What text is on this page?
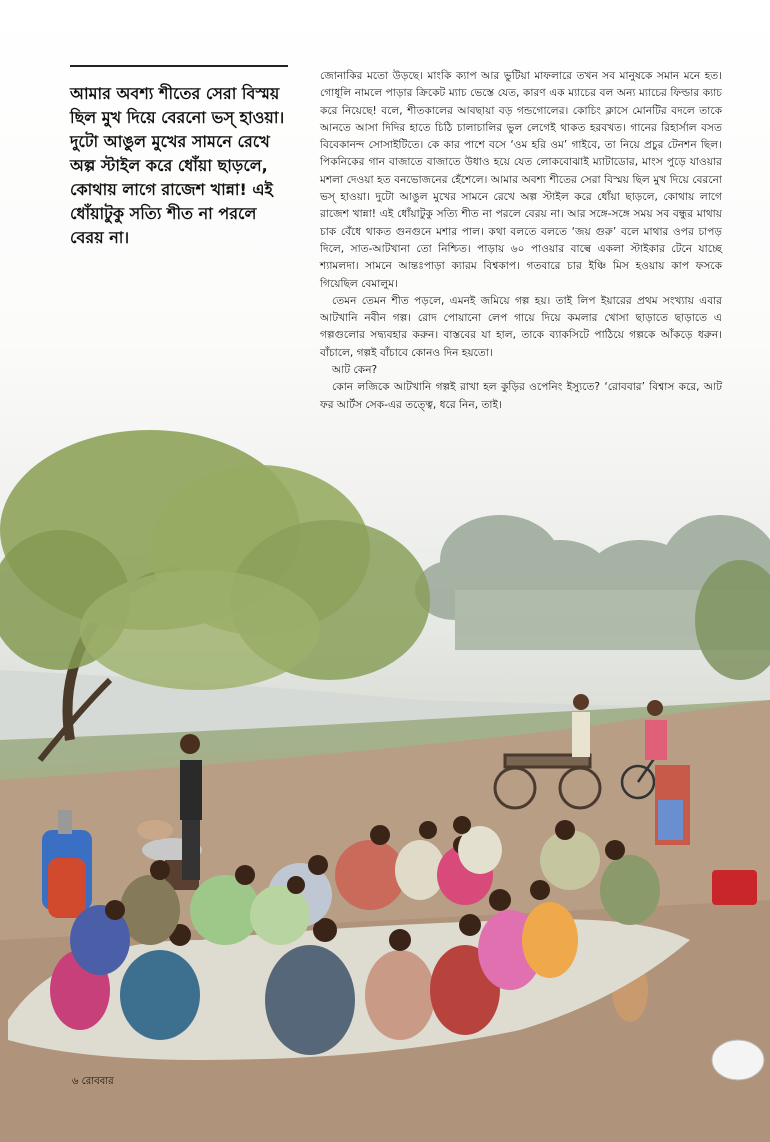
আমার অবশ্য শীতের সেরা বিস্ময় ছিল মুখ দিয়ে বেরনো ভস্‌ হাওয়া। দুটো আঙুল মুখের সামনে রেখে অল্প স্টাইল করে ধোঁয়া ছাড়লে, কোথায় লাগে রাজেশ খান্না! এই ধোঁয়াটুকু সত্যি শীত না পরলে বেরয় না।

জোনাকির মতো উড়ছে। মাংকি ক্যাপ আর ভুটিয়া মাফলারে তখন সব মানুষকে সমান মনে হত। গোধূলি নামলে পাড়ার ক্রিকেট ম্যাচ ভেস্তে যেত, কারণ এক ম্যাচের বল অন্য ম্যাচের ফিল্ডার ক্যাচ করে নিয়েছে! বলে, শীতকালের আবছায়া বড় গন্ডগোলের। কোচিং ক্লাসে মোনটির বদলে তাকে আনতে আসা দিদির হাতে চিঠি চালাচালির ভুল লেগেই থাকত হরবখত। গানের রিহার্সাল বসত বিবেকানন্দ সোসাইটিতে। কে কার পাশে বসে ‘ওম হরি ওম’ গাইবে, তা নিয়ে প্রচুর টেনশন ছিল। পিকনিকের গান বাজাতে বাজাতে উধাও হয়ে যেত লোকবোঝাই ম্যাটাডোর, মাংস পুড়ে যাওয়ার মশলা দেওয়া হত বনভোজনের হেঁশেলে। আমার অবশ্য শীতের সেরা বিস্ময় ছিল মুখ দিয়ে বেরনো ভস্‌ হাওয়া। দুটো আঙুল মুখের সামনে রেখে অল্প স্টাইল করে ধোঁয়া ছাড়লে, কোথায় লাগে রাজেশ খান্না! এই ধোঁয়াটুকু সত্যি শীত না পরলে বেরয় না। আর সঙ্গে-সঙ্গে সময় সব বন্ধুর মাথায় চাক বেঁধে থাকত গুনগুনে মশার পাল। কথা বলতে বলতে ‘জয় গুরু’ বলে মাথার ওপর চাপড় দিলে, সাত-আটখানা তো নিশ্চিত। পাড়ায় ৬০ পাওয়ার বাল্বে একলা স্টাইকার টেনে যাচ্ছে শ্যামলদা। সামনে আন্তঃপাড়া ক্যারম বিশ্বকাপ। গতবারে চার ইঞ্চি মিস হওয়ায় কাপ ফসকে গিয়েছিল বেমালুম।

তেমন তেমন শীত পড়লে, এমনই জমিয়ে গল্প হয়। তাই লিপ ইয়ারের প্রথম সংখ্যায় এবার আটখানি নবীন গল্প। রোদ পোয়ানো লেপ গায়ে দিয়ে কমলার খোসা ছাড়াতে ছাড়াতে এ গল্পগুলোর সদ্ব্যবহার করুন। বাস্তবের যা হাল, তাকে ব্যাকসিটে পাঠিয়ে গল্পকে আঁকড়ে ধরুন। বাঁচালে, গল্পই বাঁচাবে কোনও দিন হয়তো।

আট কেন?

কোন লজিকে আটখানি গল্পই রাখা হল কুড়ির ওপেনিং ইস্যুতে? ‘রোববার’ বিশ্বাস করে, আট ফর আর্টস সেক-এর তত্ত্বে, ধরে নিন, তাই।

৬ রোববার
